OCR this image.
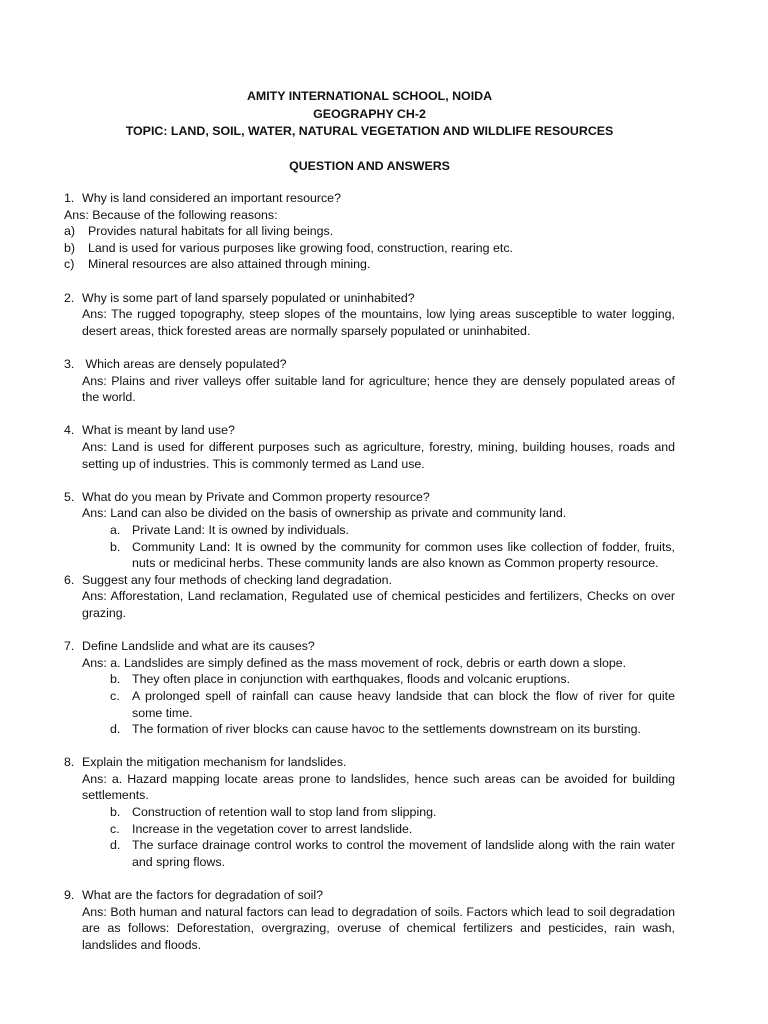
AMITY INTERNATIONAL SCHOOL, NOIDA
GEOGRAPHY CH-2
TOPIC: LAND, SOIL, WATER, NATURAL VEGETATION AND WILDLIFE RESOURCES
QUESTION AND ANSWERS
1. Why is land considered an important resource?

Ans: Because of the following reasons:

a)	Provides natural habitats for all living beings.
b)	Land is used for various purposes like growing food, construction, rearing etc.
c)	Mineral resources are also attained through mining.
2. Why is some part of land sparsely populated or uninhabited?

Ans: The rugged topography, steep slopes of the mountains, low lying areas susceptible to water logging, desert areas, thick forested areas are normally sparsely populated or uninhabited.

3. Which areas are densely populated?

Ans: Plains and river valleys offer suitable land for agriculture; hence they are densely populated areas of the world.

4. What is meant by land use?

Ans: Land is used for different purposes such as agriculture, forestry, mining, building houses, roads and setting up of industries. This is commonly termed as Land use.

5. What do you mean by Private and Common property resource?

Ans: Land can also be divided on the basis of ownership as private and community land.

a. Private Land: It is owned by individuals.
b. Community Land: It is owned by the community for common uses like collection of fodder, fruits, nuts or medicinal herbs. These community lands are also known as Common property resource.
6. Suggest any four methods of checking land degradation.

Ans: Afforestation, Land reclamation, Regulated use of chemical pesticides and fertilizers, Checks on over grazing.

7. Define Landslide and what are its causes?

Ans: a. Landslides are simply defined as the mass movement of rock, debris or earth down a slope.

b. They often place in conjunction with earthquakes, floods and volcanic eruptions.
c. A prolonged spell of rainfall can cause heavy landside that can block the flow of river for quite some time.
d. The formation of river blocks can cause havoc to the settlements downstream on its bursting.
8. Explain the mitigation mechanism for landslides.

Ans: a. Hazard mapping locate areas prone to landslides, hence such areas can be avoided for building settlements.

b. Construction of retention wall to stop land from slipping.
c. Increase in the vegetation cover to arrest landslide.
d. The surface drainage control works to control the movement of landslide along with the rain water and spring flows.
9. What are the factors for degradation of soil?

Ans: Both human and natural factors can lead to degradation of soils. Factors which lead to soil degradation are as follows: Deforestation, overgrazing, overuse of chemical fertilizers and pesticides, rain wash, landslides and floods.
